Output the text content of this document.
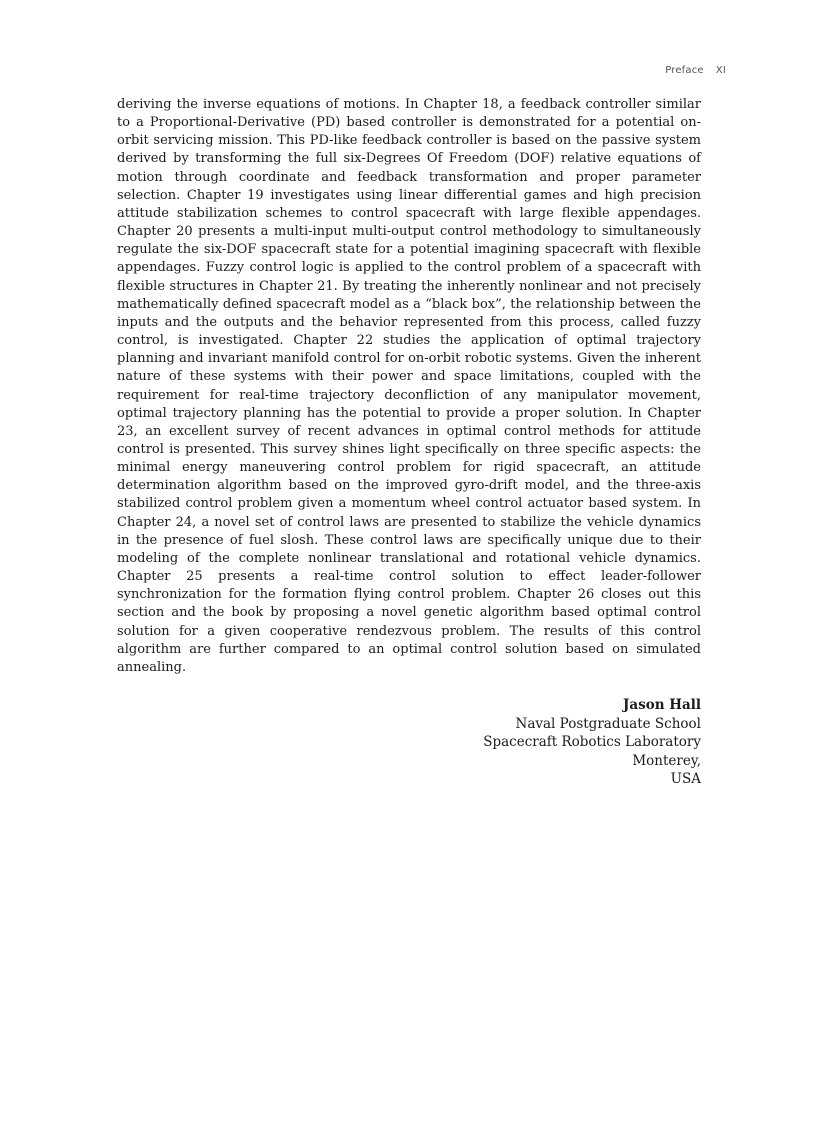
Preface XI

deriving the inverse equations of motions. In Chapter 18, a feedback controller similar to a Proportional-Derivative (PD) based controller is demonstrated for a potential on-orbit servicing mission. This PD-like feedback controller is based on the passive system derived by transforming the full six-Degrees Of Freedom (DOF) relative equations of motion through coordinate and feedback transformation and proper parameter selection. Chapter 19 investigates using linear differential games and high precision attitude stabilization schemes to control spacecraft with large flexible appendages. Chapter 20 presents a multi-input multi-output control methodology to simultaneously regulate the six-DOF spacecraft state for a potential imagining spacecraft with flexible appendages. Fuzzy control logic is applied to the control problem of a spacecraft with flexible structures in Chapter 21. By treating the inherently nonlinear and not precisely mathematically defined spacecraft model as a “black box”, the relationship between the inputs and the outputs and the behavior represented from this process, called fuzzy control, is investigated. Chapter 22 studies the application of optimal trajectory planning and invariant manifold control for on-orbit robotic systems. Given the inherent nature of these systems with their power and space limitations, coupled with the requirement for real-time trajectory deconfliction of any manipulator movement, optimal trajectory planning has the potential to provide a proper solution. In Chapter 23, an excellent survey of recent advances in optimal control methods for attitude control is presented. This survey shines light specifically on three specific aspects: the minimal energy maneuvering control problem for rigid spacecraft, an attitude determination algorithm based on the improved gyro-drift model, and the three-axis stabilized control problem given a momentum wheel control actuator based system. In Chapter 24, a novel set of control laws are presented to stabilize the vehicle dynamics in the presence of fuel slosh. These control laws are specifically unique due to their modeling of the complete nonlinear translational and rotational vehicle dynamics. Chapter 25 presents a real-time control solution to effect leader-follower synchronization for the formation flying control problem. Chapter 26 closes out this section and the book by proposing a novel genetic algorithm based optimal control solution for a given cooperative rendezvous problem. The results of this control algorithm are further compared to an optimal control solution based on simulated annealing.

Jason Hall
Naval Postgraduate School
Spacecraft Robotics Laboratory
Monterey,
USA
